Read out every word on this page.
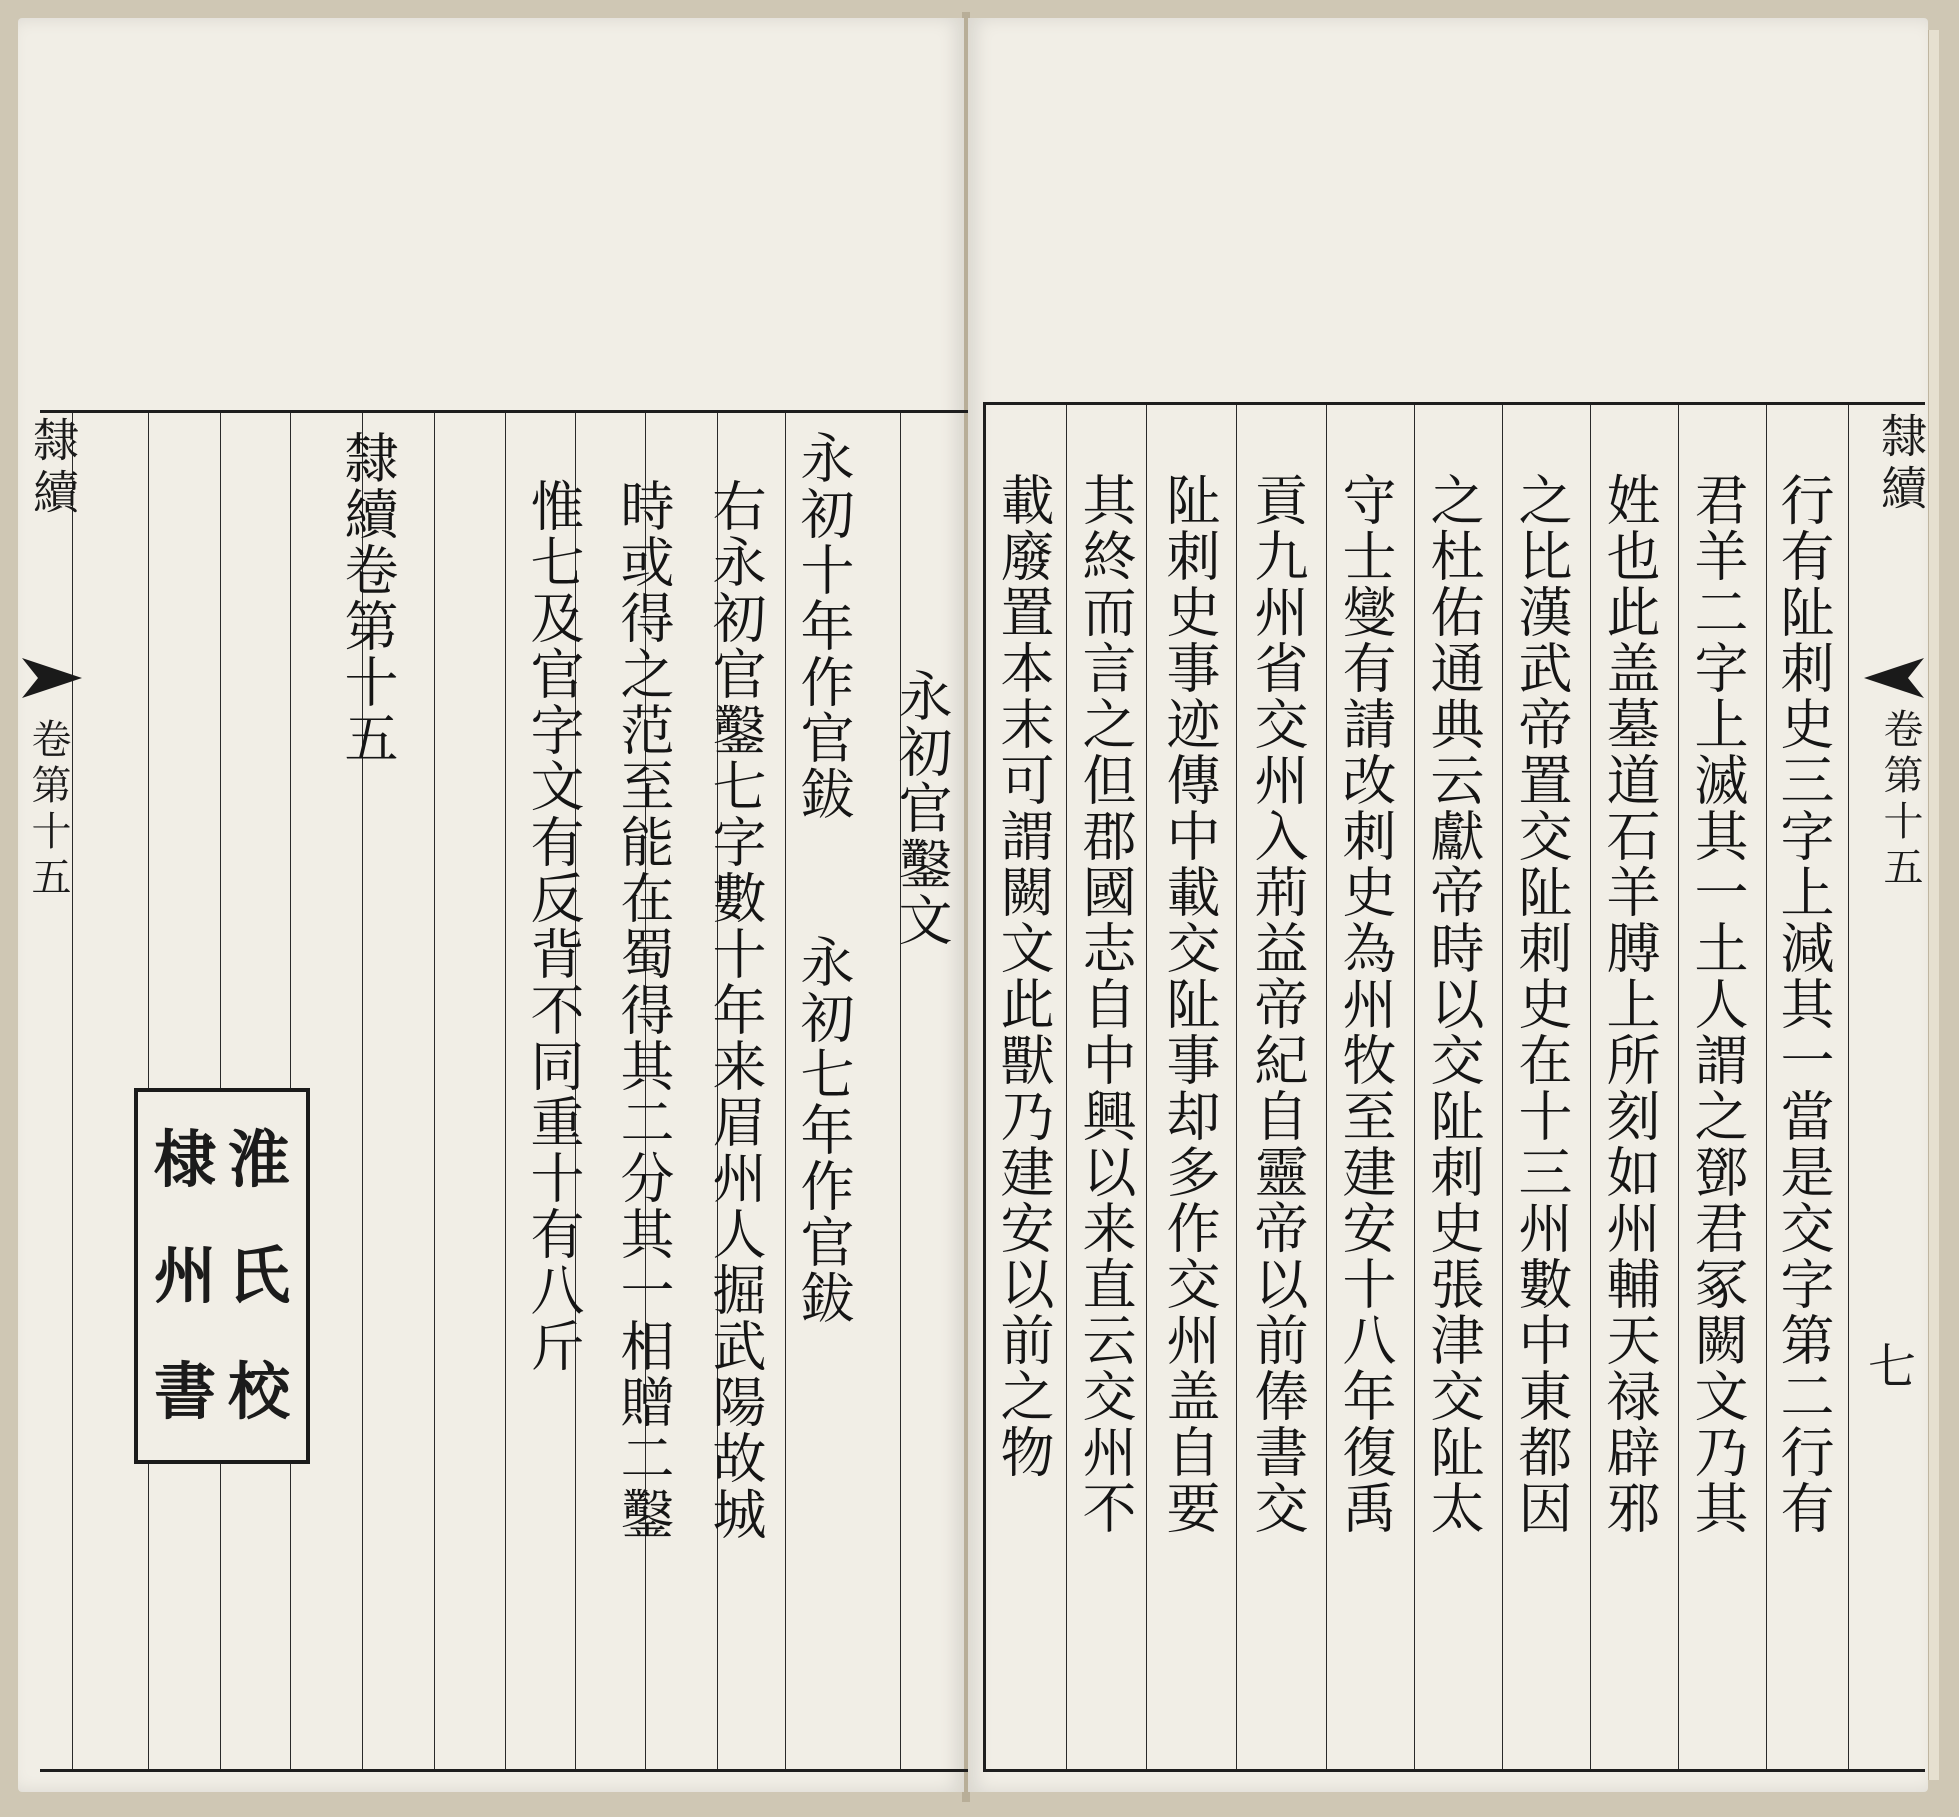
隸續
卷第十五
隸續卷第十五 惟七及官字文有反背不同重十有八斤 時或得之范至能在蜀得其二分其一相贈二鑿 右永初官鑿七字數十年来眉州人掘武陽故城 永初十年作官鈸　　永初七年作官鈸 永初官鑿文
棣 淮
州 氏
書 校	行有阯刺史三字上減其一當是交字第二行有
君羊二字上滅其一土人謂之鄧君冢闕文乃其
姓也此盖墓道石羊膊上所刻如州輔天禄辟邪
之比漢武帝置交阯刺史在十三州數中東都因
之杜佑通典云獻帝時以交阯刺史張津交阯太
守士燮有請改刺史為州牧至建安十八年復禹
貢九州省交州入荊益帝紀自靈帝以前俸書交
阯刺史事迹傳中載交阯事却多作交州盖自要
其終而言之但郡國志自中興以来直云交州不
載廢置本末可謂闕文此獸乃建安以前之物
隸續
卷第十五
七
